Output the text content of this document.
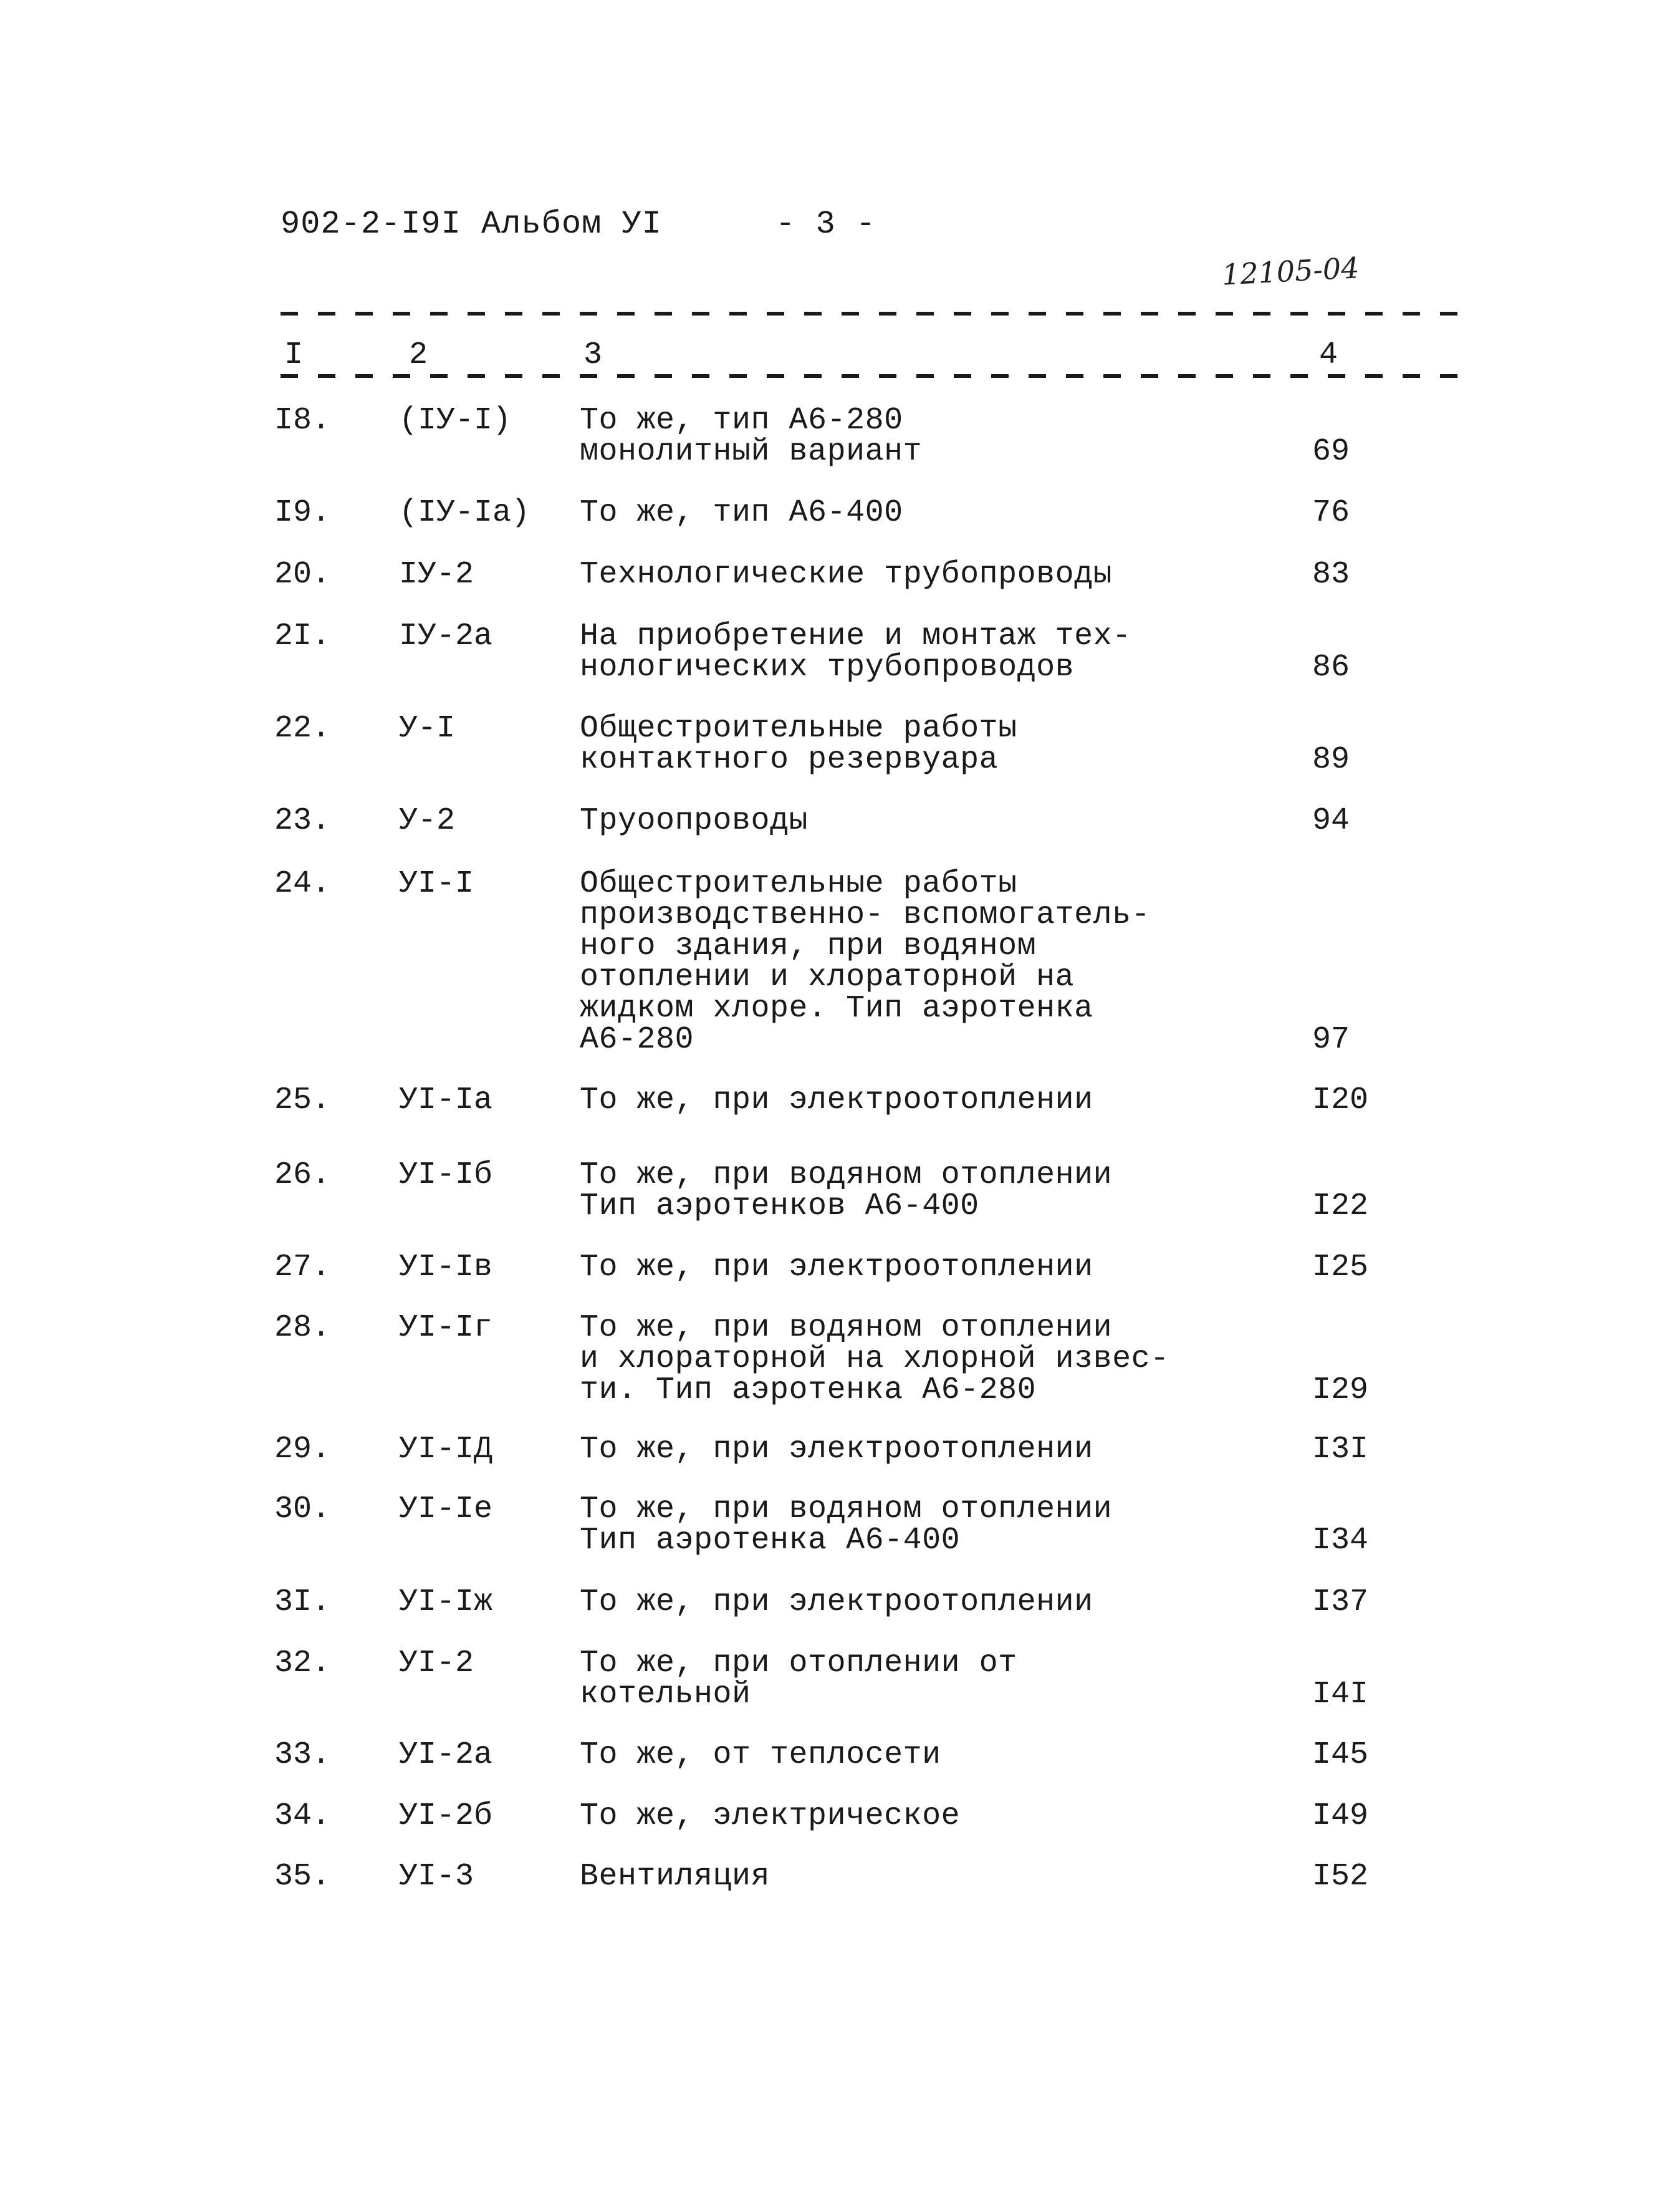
902-2-I9I Альбом УI	- 3 -
12105-04
I	2	3	4
I8. (IУ-I) То же, тип А6-280
монолитный вариант	69
I9. (IУ-Iа) То же, тип А6-400	76
20. IУ-2	Технологические трубопроводы	83
2I. IУ-2а	На приобретение и монтаж тех-
нологических трубопроводов	86
22. У-I	Общестроительные работы
контактного резервуара	89
23. У-2	Труоопроводы	94
24. УI-I	Общестроительные работы
производственно- вспомогатель-
ного здания, при водяном
отоплении и хлораторной на
жидком хлоре. Тип аэротенка
А6-280	97
25. УI-Iа	То же, при электроотоплении	I20
26. УI-Iб	То же, при водяном отоплении
Тип аэротенков А6-400	I22
27. УI-Iв	То же, при электроотоплении	I25
28. УI-Iг	То же, при водяном отоплении
и хлораторной на хлорной извес-
ти. Тип аэротенка А6-280	I29
29. УI-IД	То же, при электроотоплении	I3I
30. УI-Iе	То же, при водяном отоплении
Тип аэротенка А6-400	I34
3I. УI-Iж	То же, при электроотоплении	I37
32. УI-2	То же, при отоплении от
котельной	I4I
33. УI-2а	То же, от теплосети	I45
34. УI-2б	То же, электрическое	I49
35. УI-3	Вентиляция	I52
